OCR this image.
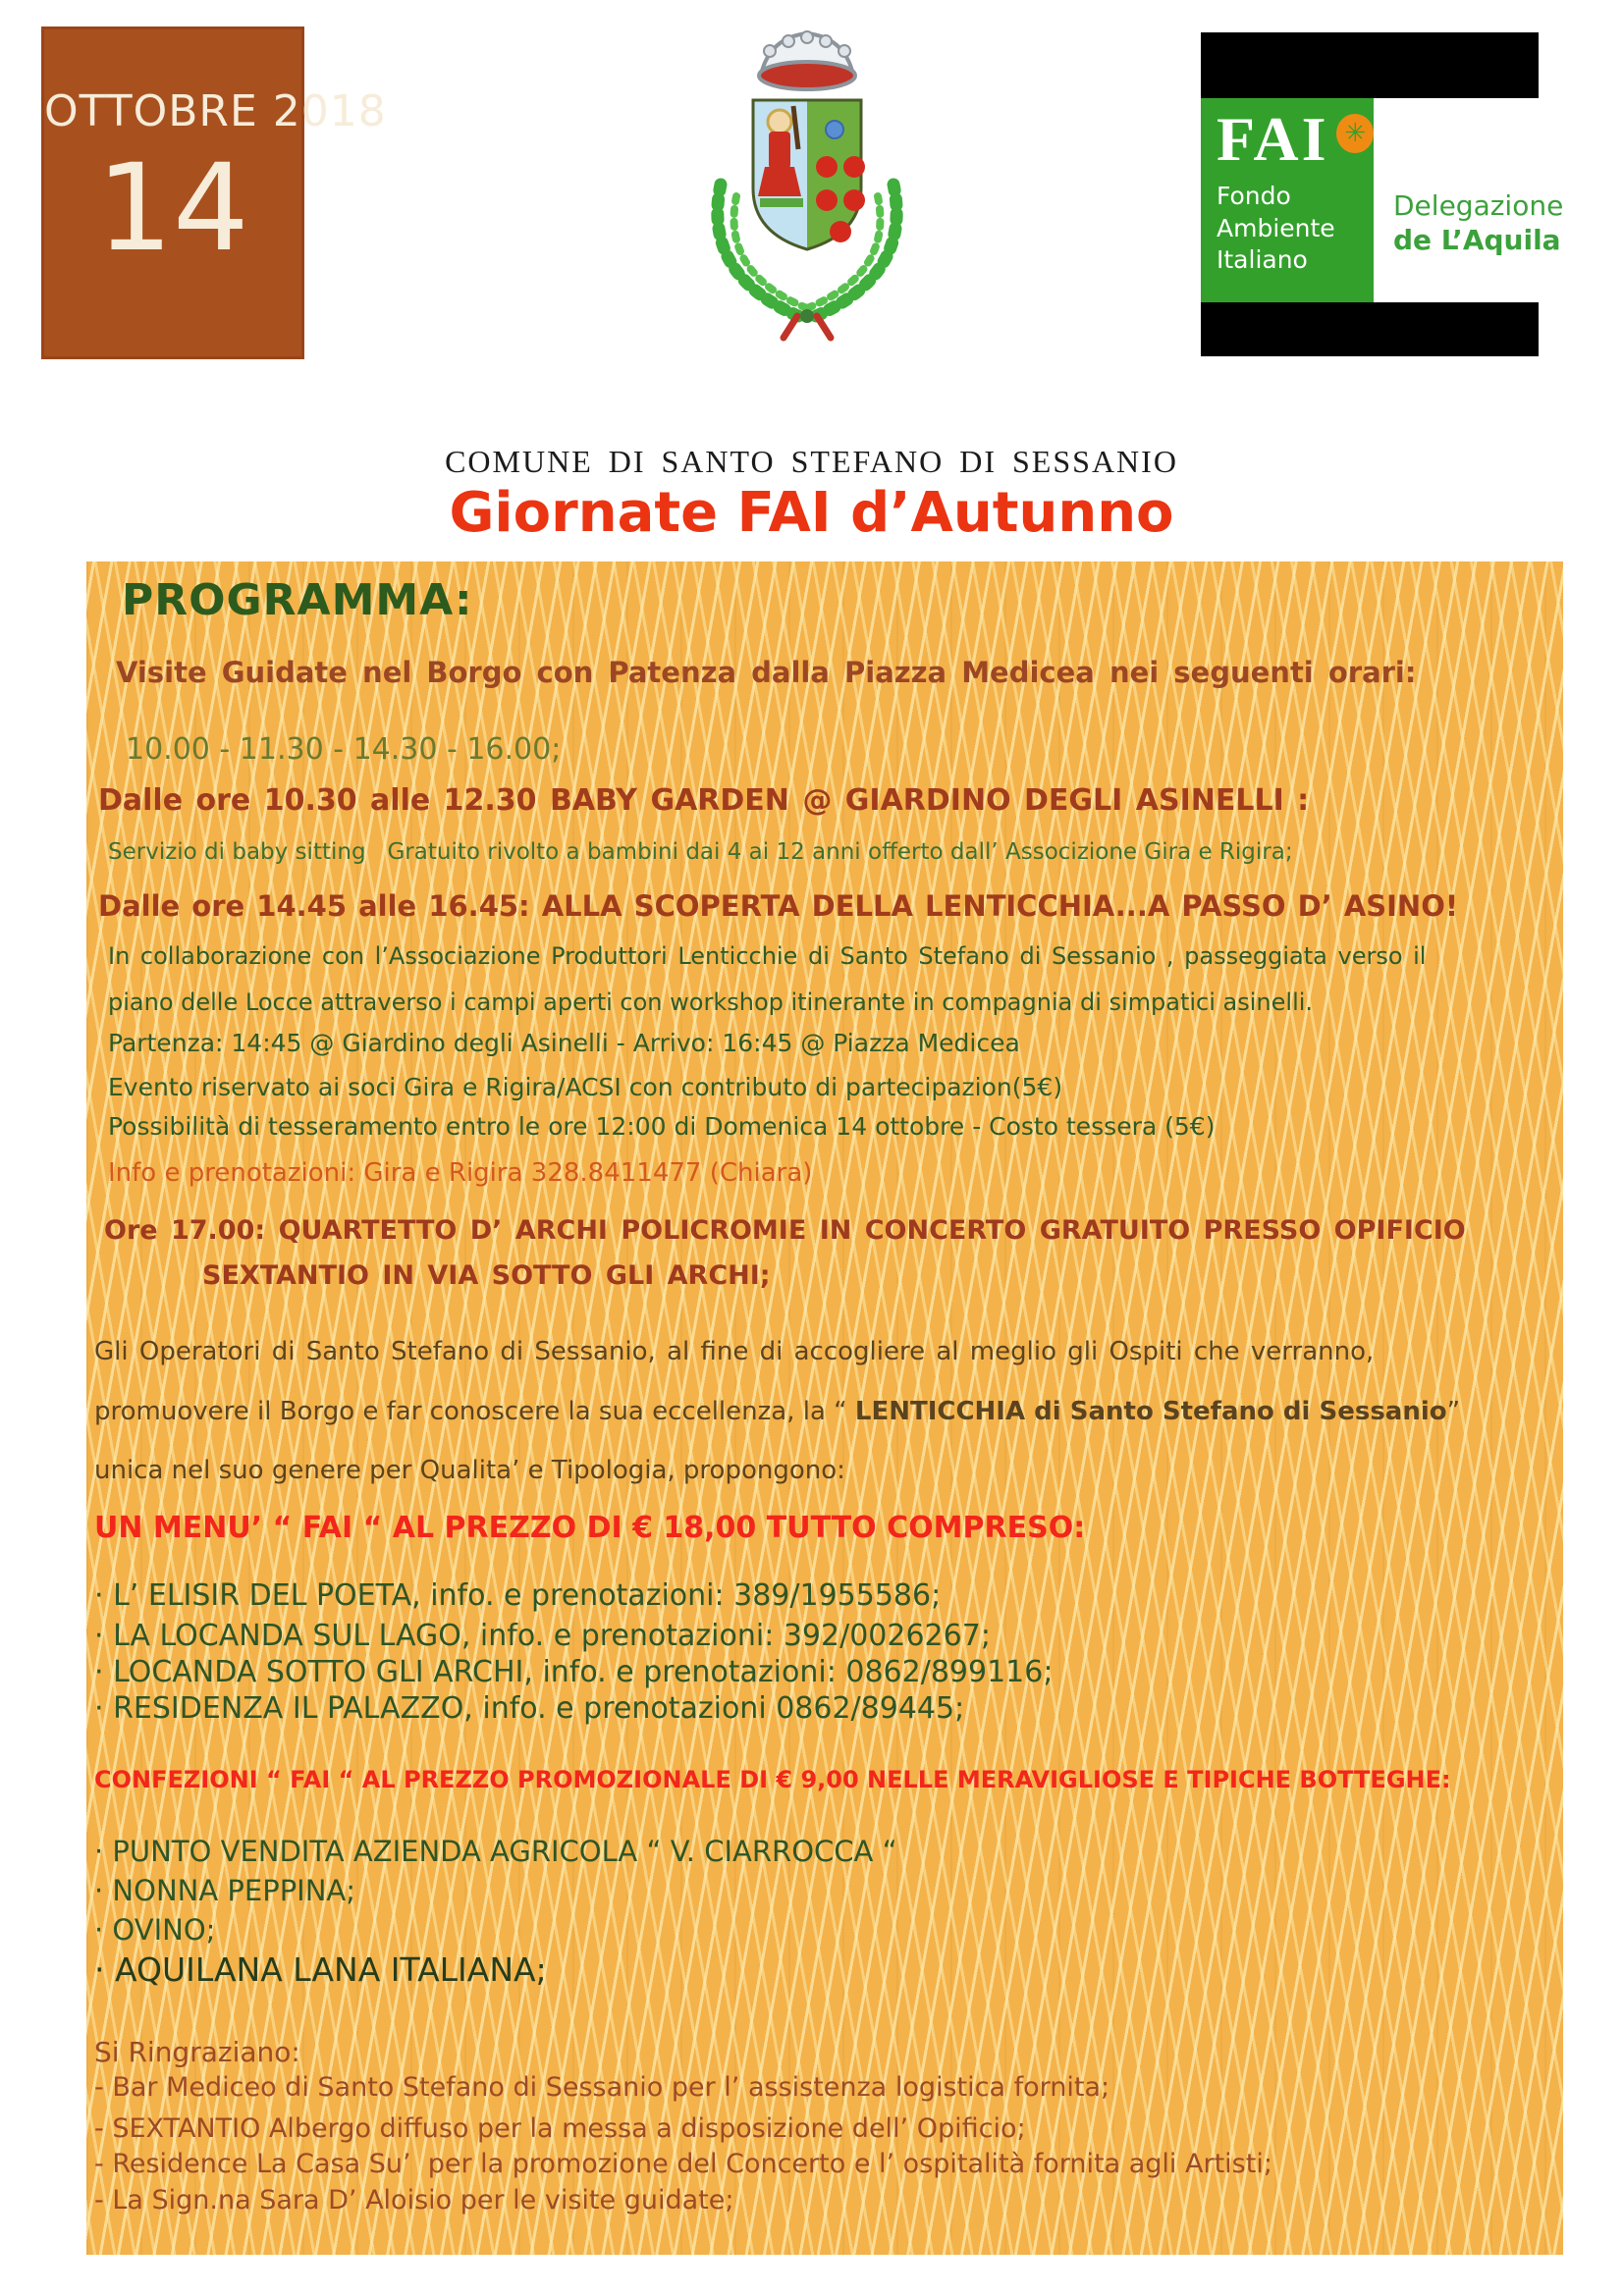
OTTOBRE 2018
14	FAI ✳
Fondo
Ambiente
Italiano
Delegazione
de L’Aquila
COMUNE DI SANTO STEFANO DI SESSANIO
Giornate FAI d’Autunno
PROGRAMMA:
Visite Guidate nel Borgo con Patenza dalla Piazza Medicea nei seguenti orari:
10.00 - 11.30 - 14.30 - 16.00;
Dalle ore 10.30 alle 12.30 BABY GARDEN @ GIARDINO DEGLI ASINELLI :
Servizio di baby sitting   Gratuito rivolto a bambini dai 4 ai 12 anni offerto dall’ Associzione Gira e Rigira;
Dalle ore 14.45 alle 16.45: ALLA SCOPERTA DELLA LENTICCHIA...A PASSO D’ ASINO!
In collaborazione con l’Associazione Produttori Lenticchie di Santo Stefano di Sessanio , passeggiata verso il
piano delle Locce attraverso i campi aperti con workshop itinerante in compagnia di simpatici asinelli.
Partenza: 14:45 @ Giardino degli Asinelli - Arrivo: 16:45 @ Piazza Medicea
Evento riservato ai soci Gira e Rigira/ACSI con contributo di partecipazion(5€)
Possibilità di tesseramento entro le ore 12:00 di Domenica 14 ottobre - Costo tessera (5€)
Info e prenotazioni: Gira e Rigira 328.8411477 (Chiara)
Ore 17.00: QUARTETTO D’ ARCHI POLICROMIE IN CONCERTO GRATUITO PRESSO OPIFICIO
SEXTANTIO IN VIA SOTTO GLI ARCHI;
Gli Operatori di Santo Stefano di Sessanio, al fine di accogliere al meglio gli Ospiti che verranno,
promuovere il Borgo e far conoscere la sua eccellenza, la “ LENTICCHIA di Santo Stefano di Sessanio”
unica nel suo genere per Qualita’ e Tipologia, propongono:
UN MENU’ “ FAI “ AL PREZZO DI € 18,00 TUTTO COMPRESO:
· L’ ELISIR DEL POETA, info. e prenotazioni: 389/1955586;
· LA LOCANDA SUL LAGO, info. e prenotazioni: 392/0026267;
· LOCANDA SOTTO GLI ARCHI, info. e prenotazioni: 0862/899116;
· RESIDENZA IL PALAZZO, info. e prenotazioni 0862/89445;
CONFEZIONI “ FAI “ AL PREZZO PROMOZIONALE DI € 9,00 NELLE MERAVIGLIOSE E TIPICHE BOTTEGHE:
· PUNTO VENDITA AZIENDA AGRICOLA “ V. CIARROCCA “
· NONNA PEPPINA;
· OVINO;
· AQUILANA LANA ITALIANA;
Si Ringraziano:
- Bar Mediceo di Santo Stefano di Sessanio per l’ assistenza logistica fornita;
- SEXTANTIO Albergo diffuso per la messa a disposizione dell’ Opificio;
- Residence La Casa Su’  per la promozione del Concerto e l’ ospitalità fornita agli Artisti;
- La Sign.na Sara D’ Aloisio per le visite guidate;
